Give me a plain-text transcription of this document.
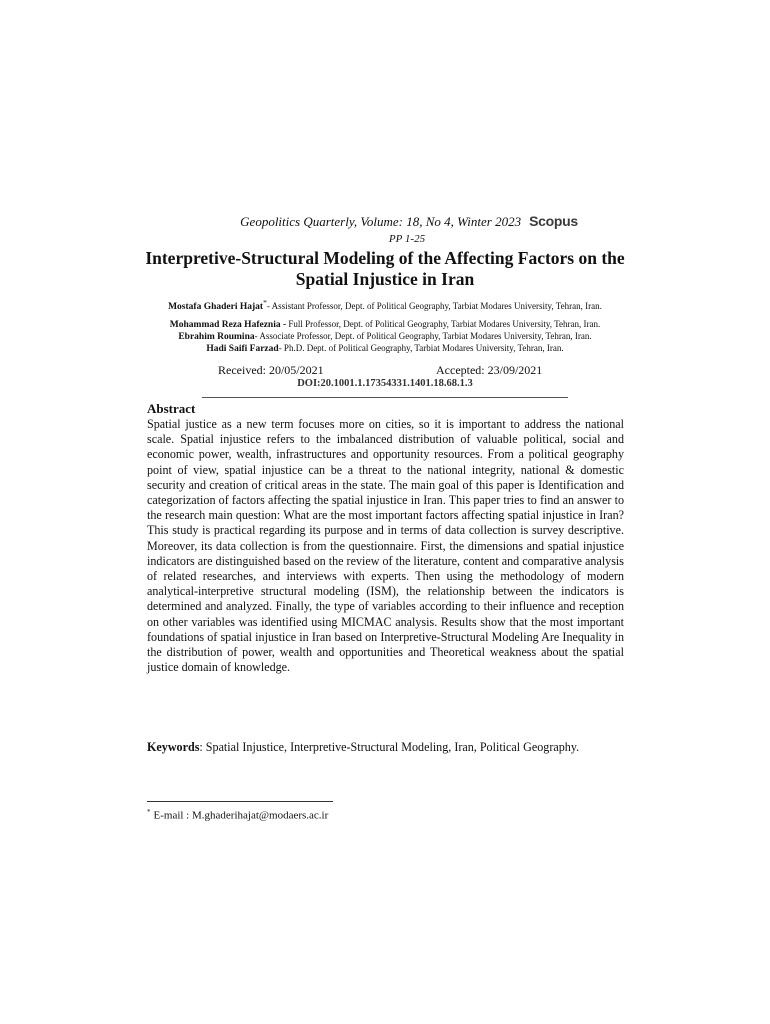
Geopolitics Quarterly, Volume: 18, No 4, Winter 2023 Scopus
PP 1-25
Interpretive-Structural Modeling of the Affecting Factors on the Spatial Injustice in Iran
Mostafa Ghaderi Hajat*- Assistant Professor, Dept. of Political Geography, Tarbiat Modares University, Tehran, Iran.
Mohammad Reza Hafeznia - Full Professor, Dept. of Political Geography, Tarbiat Modares University, Tehran, Iran.
Ebrahim Roumina- Associate Professor, Dept. of Political Geography, Tarbiat Modares University, Tehran, Iran.
Hadi Saifi Farzad- Ph.D. Dept. of Political Geography, Tarbiat Modares University, Tehran, Iran.
Received: 20/05/2021	Accepted: 23/09/2021
DOI:20.1001.1.17354331.1401.18.68.1.3
Abstract

Spatial justice as a new term focuses more on cities, so it is important to address the national scale. Spatial injustice refers to the imbalanced distribution of valuable political, social and economic power, wealth, infrastructures and opportunity resources. From a political geography point of view, spatial injustice can be a threat to the national integrity, national & domestic security and creation of critical areas in the state. The main goal of this paper is Identification and categorization of factors affecting the spatial injustice in Iran. This paper tries to find an answer to the research main question: What are the most important factors affecting spatial injustice in Iran? This study is practical regarding its purpose and in terms of data collection is survey descriptive. Moreover, its data collection is from the questionnaire. First, the dimensions and spatial injustice indicators are distinguished based on the review of the literature, content and comparative analysis of related researches, and interviews with experts. Then using the methodology of modern analytical-interpretive structural modeling (ISM), the relationship between the indicators is determined and analyzed. Finally, the type of variables according to their influence and reception on other variables was identified using MICMAC analysis. Results show that the most important foundations of spatial injustice in Iran based on Interpretive-Structural Modeling Are Inequality in the distribution of power, wealth and opportunities and Theoretical weakness about the spatial justice domain of knowledge.

Keywords: Spatial Injustice, Interpretive-Structural Modeling, Iran, Political Geography.

* E-mail : M.ghaderihajat@modaers.ac.ir
